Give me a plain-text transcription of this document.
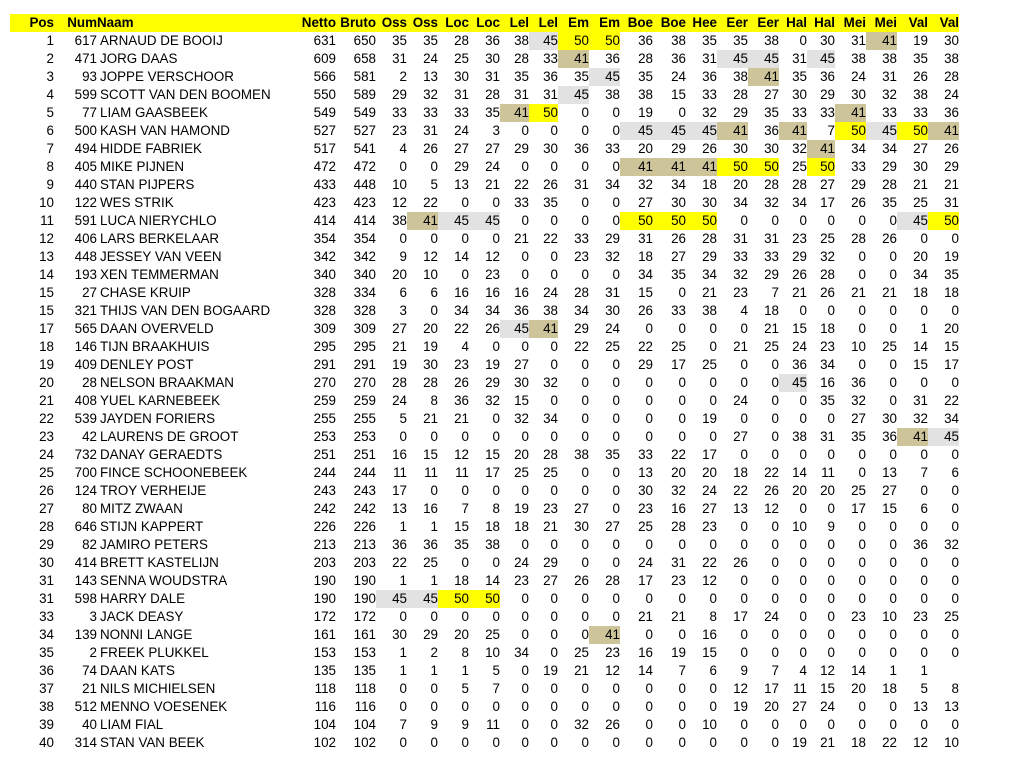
Pos	Num	Naam	Netto	Bruto	Oss	Oss	Loc	Loc	Lel	Lel	Em	Em	Boe	Boe	Hee	Eer	Eer	Hal	Hal	Mei	Mei	Val	Val
1	617	ARNAUD DE BOOIJ	631	650	35	35	28	36	38	45	50	50	36	38	35	35	38	0	30	31	41	19	30
2	471	JORG DAAS	609	658	31	24	25	30	28	33	41	36	28	36	31	45	45	31	45	38	38	35	38
3	93	JOPPE VERSCHOOR	566	581	2	13	30	31	35	36	35	45	35	24	36	38	41	35	36	24	31	26	28
4	599	SCOTT VAN DEN BOOMEN	550	589	29	32	31	28	31	31	45	38	38	15	33	28	27	30	29	30	32	38	24
5	77	LIAM GAASBEEK	549	549	33	33	33	35	41	50	0	0	19	0	32	29	35	33	33	41	33	33	36
6	500	KASH VAN HAMOND	527	527	23	31	24	3	0	0	0	0	45	45	45	41	36	41	7	50	45	50	41
7	494	HIDDE FABRIEK	517	541	4	26	27	27	29	30	36	33	20	29	26	30	30	32	41	34	34	27	26
8	405	MIKE PIJNEN	472	472	0	0	29	24	0	0	0	0	41	41	41	50	50	25	50	33	29	30	29
9	440	STAN PIJPERS	433	448	10	5	13	21	22	26	31	34	32	34	18	20	28	28	27	29	28	21	21
10	122	WES STRIK	423	423	12	22	0	0	33	35	0	0	27	30	30	34	32	34	17	26	35	25	31
11	591	LUCA NIERYCHLO	414	414	38	41	45	45	0	0	0	0	50	50	50	0	0	0	0	0	0	45	50
12	406	LARS BERKELAAR	354	354	0	0	0	0	21	22	33	29	31	26	28	31	31	23	25	28	26	0	0
13	448	JESSEY VAN VEEN	342	342	9	12	14	12	0	0	23	32	18	27	29	33	33	29	32	0	0	20	19
14	193	XEN TEMMERMAN	340	340	20	10	0	23	0	0	0	0	34	35	34	32	29	26	28	0	0	34	35
15	27	CHASE KRUIP	328	334	6	6	16	16	16	24	28	31	15	0	21	23	7	21	26	21	21	18	18
15	321	THIJS VAN DEN BOGAARD	328	328	3	0	34	34	36	38	34	30	26	33	38	4	18	0	0	0	0	0	0
17	565	DAAN OVERVELD	309	309	27	20	22	26	45	41	29	24	0	0	0	0	21	15	18	0	0	1	20
18	146	TIJN BRAAKHUIS	295	295	21	19	4	0	0	0	22	25	22	25	0	21	25	24	23	10	25	14	15
19	409	DENLEY POST	291	291	19	30	23	19	27	0	0	0	29	17	25	0	0	36	34	0	0	15	17
20	28	NELSON BRAAKMAN	270	270	28	28	26	29	30	32	0	0	0	0	0	0	0	45	16	36	0	0	0
21	408	YUEL KARNEBEEK	259	259	24	8	36	32	15	0	0	0	0	0	0	24	0	0	35	32	0	31	22
22	539	JAYDEN FORIERS	255	255	5	21	21	0	32	34	0	0	0	0	19	0	0	0	0	27	30	32	34
23	42	LAURENS DE GROOT	253	253	0	0	0	0	0	0	0	0	0	0	0	27	0	38	31	35	36	41	45
24	732	DANAY GERAEDTS	251	251	16	15	12	15	20	28	38	35	33	22	17	0	0	0	0	0	0	0	0
25	700	FINCE SCHOONEBEEK	244	244	11	11	11	17	25	25	0	0	13	20	20	18	22	14	11	0	13	7	6
26	124	TROY VERHEIJE	243	243	17	0	0	0	0	0	0	0	30	32	24	22	26	20	20	25	27	0	0
27	80	MITZ ZWAAN	242	242	13	16	7	8	19	23	27	0	23	16	27	13	12	0	0	17	15	6	0
28	646	STIJN KAPPERT	226	226	1	1	15	18	18	21	30	27	25	28	23	0	0	10	9	0	0	0	0
29	82	JAMIRO PETERS	213	213	36	36	35	38	0	0	0	0	0	0	0	0	0	0	0	0	0	36	32
30	414	BRETT KASTELIJN	203	203	22	25	0	0	24	29	0	0	24	31	22	26	0	0	0	0	0	0	0
31	143	SENNA WOUDSTRA	190	190	1	1	18	14	23	27	26	28	17	23	12	0	0	0	0	0	0	0	0
31	598	HARRY DALE	190	190	45	45	50	50	0	0	0	0	0	0	0	0	0	0	0	0	0	0	0
33	3	JACK DEASY	172	172	0	0	0	0	0	0	0	0	21	21	8	17	24	0	0	23	10	23	25
34	139	NONNI LANGE	161	161	30	29	20	25	0	0	0	41	0	0	16	0	0	0	0	0	0	0	0
35	2	FREEK PLUKKEL	153	153	1	2	8	10	34	0	25	23	16	19	15	0	0	0	0	0	0	0	0
36	74	DAAN KATS	135	135	1	1	1	5	0	19	21	12	14	7	6	9	7	4	12	14	1	1	
37	21	NILS MICHIELSEN	118	118	0	0	5	7	0	0	0	0	0	0	0	12	17	11	15	20	18	5	8
38	512	MENNO VOESENEK	116	116	0	0	0	0	0	0	0	0	0	0	0	19	20	27	24	0	0	13	13
39	40	LIAM FIAL	104	104	7	9	9	11	0	0	32	26	0	0	10	0	0	0	0	0	0	0	0
40	314	STAN VAN BEEK	102	102	0	0	0	0	0	0	0	0	0	0	0	0	0	19	21	18	22	12	10
